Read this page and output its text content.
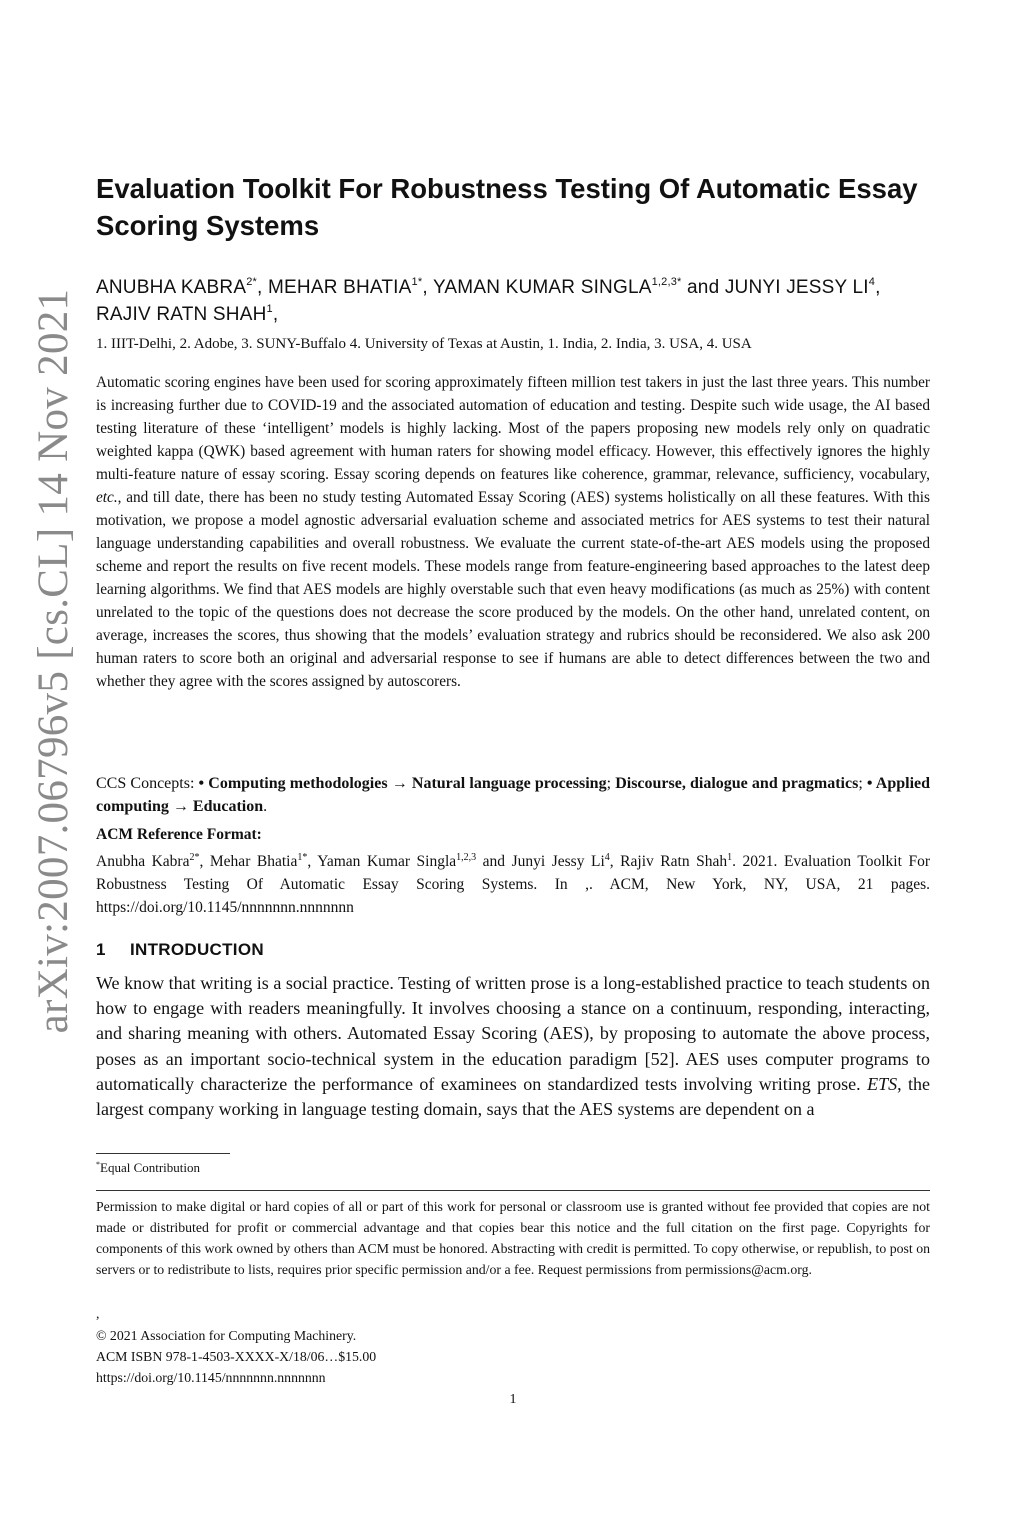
arXiv:2007.06796v5 [cs.CL] 14 Nov 2021
Evaluation Toolkit For Robustness Testing Of Automatic Essay Scoring Systems
ANUBHA $KABRA^{2*}$, MEHAR $BHATIA^{1*}$, YAMAN KUMAR $SINGLA^{1,2,3*}$ and JUNYI JESSY $LI^4$, RAJIV RATN SHAH$^1$,
1. IIIT-Delhi, 2. Adobe, 3. SUNY-Buffalo 4. University of Texas at Austin, 1. India, 2. India, 3. USA, 4. USA

Automatic scoring engines have been used for scoring approximately fifteen million test takers in just the last three years. This number is increasing further due to COVID-19 and the associated automation of education and testing. Despite such wide usage, the AI based testing literature of these ‘intelligent’ models is highly lacking. Most of the papers proposing new models rely only on quadratic weighted kappa (QWK) based agreement with human raters for showing model efficacy. However, this effectively ignores the highly multi-feature nature of essay scoring. Essay scoring depends on features like coherence, grammar, relevance, sufficiency, vocabulary, etc., and till date, there has been no study testing Automated Essay Scoring (AES) systems holistically on all these features. With this motivation, we propose a model agnostic adversarial evaluation scheme and associated metrics for AES systems to test their natural language understanding capabilities and overall robustness. We evaluate the current state-of-the-art AES models using the proposed scheme and report the results on five recent models. These models range from feature-engineering based approaches to the latest deep learning algorithms. We find that AES models are highly overstable such that even heavy modifications (as much as 25%) with content unrelated to the topic of the questions does not decrease the score produced by the models. On the other hand, unrelated content, on average, increases the scores, thus showing that the models’ evaluation strategy and rubrics should be reconsidered. We also ask 200 human raters to score both an original and adversarial response to see if humans are able to detect differences between the two and whether they agree with the scores assigned by autoscorers.

CCS Concepts: • Computing methodologies → Natural language processing; Discourse, dialogue and pragmatics; • Applied computing → Education.

ACM Reference Format:

Anubha Kabra$^{2*}$, Mehar Bhatia$^{1*}$, Yaman Kumar Singla$^{1,2,3}$ and Junyi Jessy Li$^4$, Rajiv Ratn Shah$^1$. 2021. Evaluation Toolkit For Robustness Testing Of Automatic Essay Scoring Systems. In ,. ACM, New York, NY, USA, 21 pages. https://doi.org/10.1145/nnnnnnn.nnnnnnn

1 INTRODUCTION

We know that writing is a social practice. Testing of written prose is a long-established practice to teach students on how to engage with readers meaningfully. It involves choosing a stance on a continuum, responding, interacting, and sharing meaning with others. Automated Essay Scoring (AES), by proposing to automate the above process, poses as an important socio-technical system in the education paradigm [52]. AES uses computer programs to automatically characterize the performance of examinees on standardized tests involving writing prose. ETS, the largest company working in language testing domain, says that the AES systems are dependent on a

*Equal Contribution

Permission to make digital or hard copies of all or part of this work for personal or classroom use is granted without fee provided that copies are not made or distributed for profit or commercial advantage and that copies bear this notice and the full citation on the first page. Copyrights for components of this work owned by others than ACM must be honored. Abstracting with credit is permitted. To copy otherwise, or republish, to post on servers or to redistribute to lists, requires prior specific permission and/or a fee. Request permissions from permissions@acm.org.

,
© 2021 Association for Computing Machinery.
ACM ISBN 978-1-4503-XXXX-X/18/06…$15.00
https://doi.org/10.1145/nnnnnnn.nnnnnnn
1
